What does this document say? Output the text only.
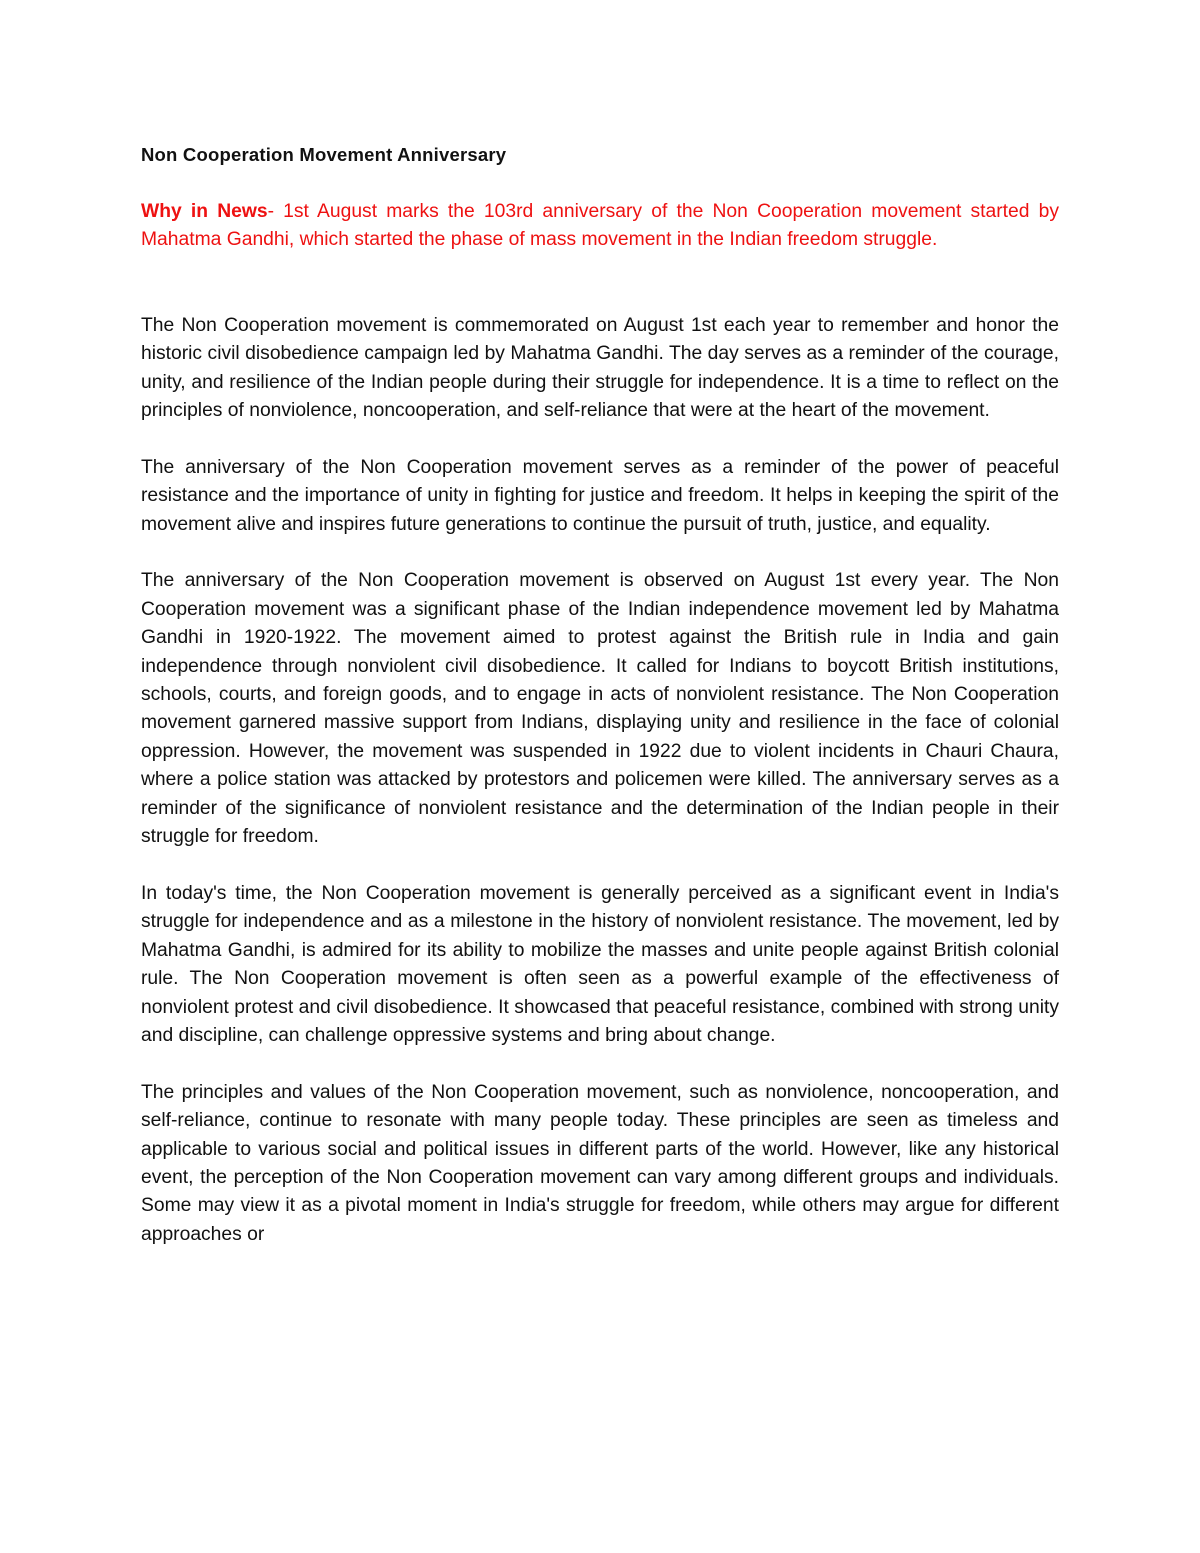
Non Cooperation Movement Anniversary
Why in News- 1st August marks the 103rd anniversary of the Non Cooperation movement started by Mahatma Gandhi, which started the phase of mass movement in the Indian freedom struggle.

The Non Cooperation movement is commemorated on August 1st each year to remember and honor the historic civil disobedience campaign led by Mahatma Gandhi. The day serves as a reminder of the courage, unity, and resilience of the Indian people during their struggle for independence. It is a time to reflect on the principles of nonviolence, noncooperation, and self-reliance that were at the heart of the movement.

The anniversary of the Non Cooperation movement serves as a reminder of the power of peaceful resistance and the importance of unity in fighting for justice and freedom. It helps in keeping the spirit of the movement alive and inspires future generations to continue the pursuit of truth, justice, and equality.

The anniversary of the Non Cooperation movement is observed on August 1st every year. The Non Cooperation movement was a significant phase of the Indian independence movement led by Mahatma Gandhi in 1920-1922. The movement aimed to protest against the British rule in India and gain independence through nonviolent civil disobedience. It called for Indians to boycott British institutions, schools, courts, and foreign goods, and to engage in acts of nonviolent resistance. The Non Cooperation movement garnered massive support from Indians, displaying unity and resilience in the face of colonial oppression. However, the movement was suspended in 1922 due to violent incidents in Chauri Chaura, where a police station was attacked by protestors and policemen were killed. The anniversary serves as a reminder of the significance of nonviolent resistance and the determination of the Indian people in their struggle for freedom.

In today's time, the Non Cooperation movement is generally perceived as a significant event in India's struggle for independence and as a milestone in the history of nonviolent resistance. The movement, led by Mahatma Gandhi, is admired for its ability to mobilize the masses and unite people against British colonial rule. The Non Cooperation movement is often seen as a powerful example of the effectiveness of nonviolent protest and civil disobedience. It showcased that peaceful resistance, combined with strong unity and discipline, can challenge oppressive systems and bring about change.

The principles and values of the Non Cooperation movement, such as nonviolence, noncooperation, and self-reliance, continue to resonate with many people today. These principles are seen as timeless and applicable to various social and political issues in different parts of the world. However, like any historical event, the perception of the Non Cooperation movement can vary among different groups and individuals. Some may view it as a pivotal moment in India's struggle for freedom, while others may argue for different approaches or
